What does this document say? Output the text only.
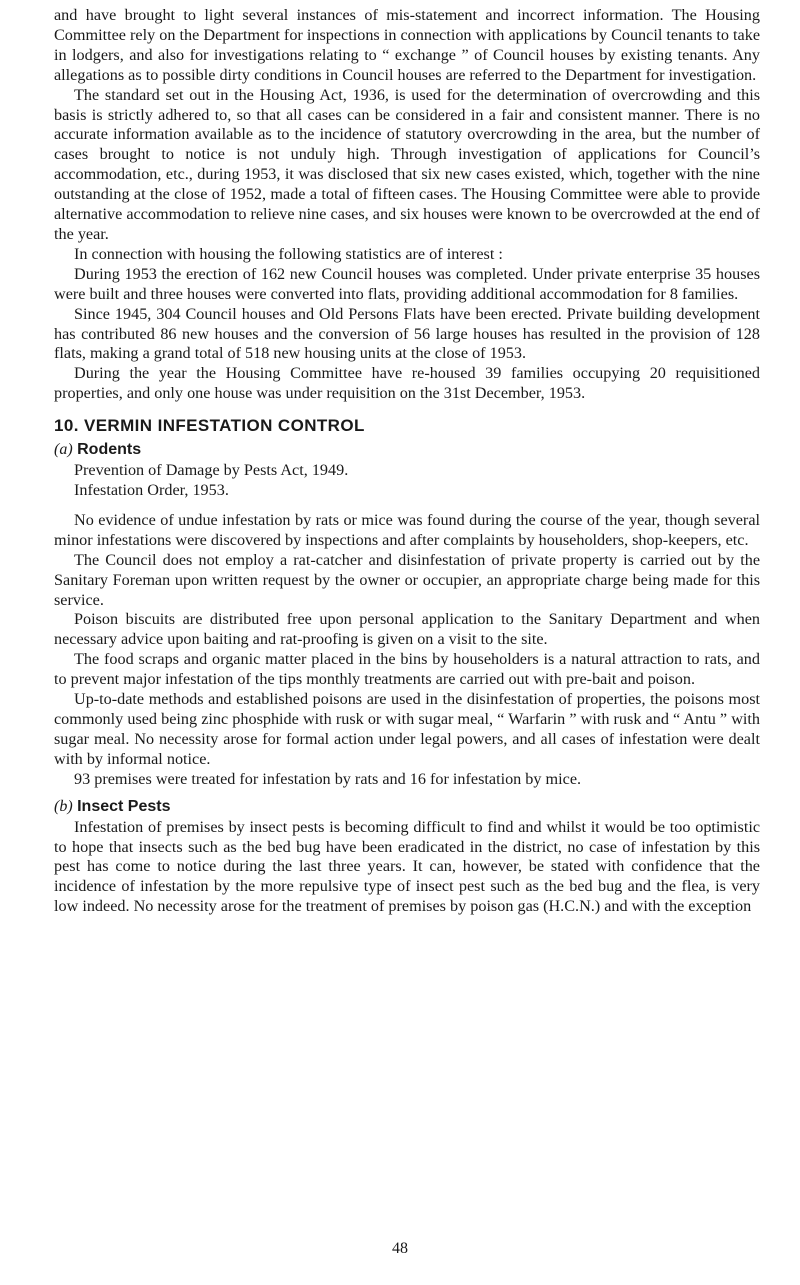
and have brought to light several instances of mis-statement and incorrect information. The Housing Committee rely on the Department for inspections in connection with applications by Council tenants to take in lodgers, and also for investigations relating to “ exchange ” of Council houses by existing tenants. Any allegations as to possible dirty conditions in Council houses are referred to the Department for investigation.

The standard set out in the Housing Act, 1936, is used for the determination of overcrowding and this basis is strictly adhered to, so that all cases can be considered in a fair and consistent manner. There is no accurate information available as to the incidence of statutory overcrowding in the area, but the number of cases brought to notice is not unduly high. Through investigation of applications for Council’s accommodation, etc., during 1953, it was disclosed that six new cases existed, which, together with the nine outstanding at the close of 1952, made a total of fifteen cases. The Housing Committee were able to provide alternative accommodation to relieve nine cases, and six houses were known to be overcrowded at the end of the year.

In connection with housing the following statistics are of interest :

During 1953 the erection of 162 new Council houses was completed. Under private enterprise 35 houses were built and three houses were converted into flats, providing additional accommodation for 8 families.

Since 1945, 304 Council houses and Old Persons Flats have been erected. Private building development has contributed 86 new houses and the conversion of 56 large houses has resulted in the provision of 128 flats, making a grand total of 518 new housing units at the close of 1953.

During the year the Housing Committee have re-housed 39 families occupying 20 requisitioned properties, and only one house was under requisition on the 31st December, 1953.

10. VERMIN INFESTATION CONTROL
(a) Rodents

Prevention of Damage by Pests Act, 1949.

Infestation Order, 1953.

No evidence of undue infestation by rats or mice was found during the course of the year, though several minor infestations were discovered by inspections and after complaints by householders, shop-keepers, etc.

The Council does not employ a rat-catcher and disinfestation of private property is carried out by the Sanitary Foreman upon written request by the owner or occupier, an appropriate charge being made for this service.

Poison biscuits are distributed free upon personal application to the Sanitary Department and when necessary advice upon baiting and rat-proofing is given on a visit to the site.

The food scraps and organic matter placed in the bins by householders is a natural attraction to rats, and to prevent major infestation of the tips monthly treatments are carried out with pre-bait and poison.

Up-to-date methods and established poisons are used in the disinfestation of properties, the poisons most commonly used being zinc phosphide with rusk or with sugar meal, “ Warfarin ” with rusk and “ Antu ” with sugar meal. No necessity arose for formal action under legal powers, and all cases of infestation were dealt with by informal notice.

93 premises were treated for infestation by rats and 16 for infestation by mice.

(b) Insect Pests

Infestation of premises by insect pests is becoming difficult to find and whilst it would be too optimistic to hope that insects such as the bed bug have been eradicated in the district, no case of infestation by this pest has come to notice during the last three years. It can, however, be stated with confidence that the incidence of infestation by the more repulsive type of insect pest such as the bed bug and the flea, is very low indeed. No necessity arose for the treatment of premises by poison gas (H.C.N.) and with the exception

48
